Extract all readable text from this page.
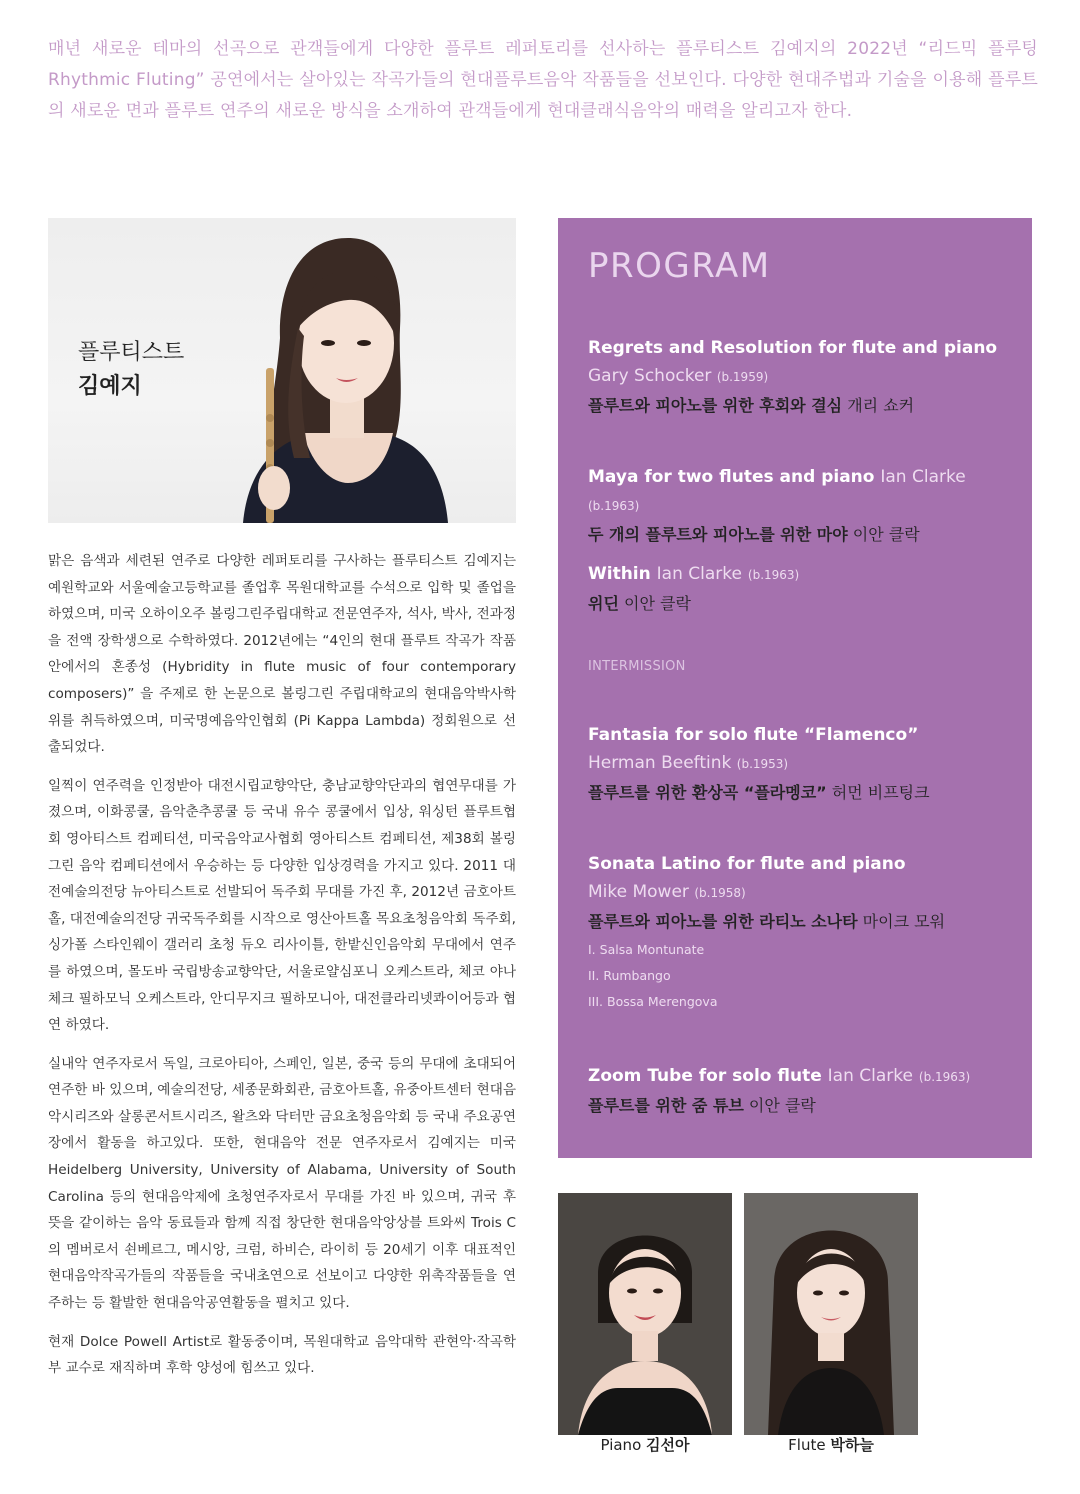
매년 새로운 테마의 선곡으로 관객들에게 다양한 플루트 레퍼토리를 선사하는 플루티스트 김예지의 2022년 “리드믹 플루팅 Rhythmic Fluting” 공연에서는 살아있는 작곡가들의 현대플루트음악 작품들을 선보인다. 다양한 현대주법과 기술을 이용해 플루트의 새로운 면과 플루트 연주의 새로운 방식을 소개하여 관객들에게 현대클래식음악의 매력을 알리고자 한다.

플루티스트
김예지

맑은 음색과 세련된 연주로 다양한 레퍼토리를 구사하는 플루티스트 김예지는 예원학교와 서울예술고등학교를 졸업후 목원대학교를 수석으로 입학 및 졸업을 하였으며, 미국 오하이오주 볼링그린주립대학교 전문연주자, 석사, 박사, 전과정을 전액 장학생으로 수학하였다. 2012년에는 “4인의 현대 플루트 작곡가 작품 안에서의 혼종성 (Hybridity in flute music of four contemporary composers)” 을 주제로 한 논문으로 볼링그린 주립대학교의 현대음악박사학위를 취득하였으며, 미국명예음악인협회 (Pi Kappa Lambda) 정회원으로 선출되었다.

일찍이 연주력을 인정받아 대전시립교향악단, 충남교향악단과의 협연무대를 가졌으며, 이화콩쿨, 음악춘추콩쿨 등 국내 유수 콩쿨에서 입상, 워싱턴 플루트협회 영아티스트 컴페티션, 미국음악교사협회 영아티스트 컴페티션, 제38회 볼링그린 음악 컴페티션에서 우승하는 등 다양한 입상경력을 가지고 있다. 2011 대전예술의전당 뉴아티스트로 선발되어 독주회 무대를 가진 후, 2012년 금호아트홀, 대전예술의전당 귀국독주회를 시작으로 영산아트홀 목요초청음악회 독주회, 싱가폴 스타인웨이 갤러리 초청 듀오 리사이틀, 한밭신인음악회 무대에서 연주를 하였으며, 몰도바 국립방송교향악단, 서울로얄심포니 오케스트라, 체코 야나체크 필하모닉 오케스트라, 안디무지크 필하모니아, 대전클라리넷콰이어등과 협연 하였다.

실내악 연주자로서 독일, 크로아티아, 스페인, 일본, 중국 등의 무대에 초대되어 연주한 바 있으며, 예술의전당, 세종문화회관, 금호아트홀, 유중아트센터 현대음악시리즈와 살롱콘서트시리즈, 왈츠와 닥터만 금요초청음악회 등 국내 주요공연장에서 활동을 하고있다. 또한, 현대음악 전문 연주자로서 김예지는 미국 Heidelberg University, University of Alabama, University of South Carolina 등의 현대음악제에 초청연주자로서 무대를 가진 바 있으며, 귀국 후 뜻을 같이하는 음악 동료들과 함께 직접 창단한 현대음악앙상블 트와씨 Trois C 의 멤버로서 쇤베르그, 메시앙, 크럼, 하비슨, 라이히 등 20세기 이후 대표적인 현대음악작곡가들의 작품들을 국내초연으로 선보이고 다양한 위촉작품들을 연주하는 등 활발한 현대음악공연활동을 펼치고 있다.

현재 Dolce Powell Artist로 활동중이며, 목원대학교 음악대학 관현악·작곡학부 교수로 재직하며 후학 양성에 힘쓰고 있다.

PROGRAM
Regrets and Resolution for flute and piano
Gary Schocker (b.1959)
플루트와 피아노를 위한 후회와 결심 개리 쇼커
Maya for two flutes and piano Ian Clarke (b.1963)
두 개의 플루트와 피아노를 위한 마야 이안 클락
Within Ian Clarke (b.1963)
위딘 이안 클락
INTERMISSION
Fantasia for solo flute “Flamenco”
Herman Beeftink (b.1953)
플루트를 위한 환상곡 “플라멩코” 허먼 비프팅크
Sonata Latino for flute and piano
Mike Mower (b.1958)
플루트와 피아노를 위한 라티노 소나타 마이크 모워
I. Salsa Montunate
II. Rumbango
III. Bossa Merengova
Zoom Tube for solo flute Ian Clarke (b.1963)
플루트를 위한 줌 튜브 이안 클락
Piano 김선아	Flute 박하늘
